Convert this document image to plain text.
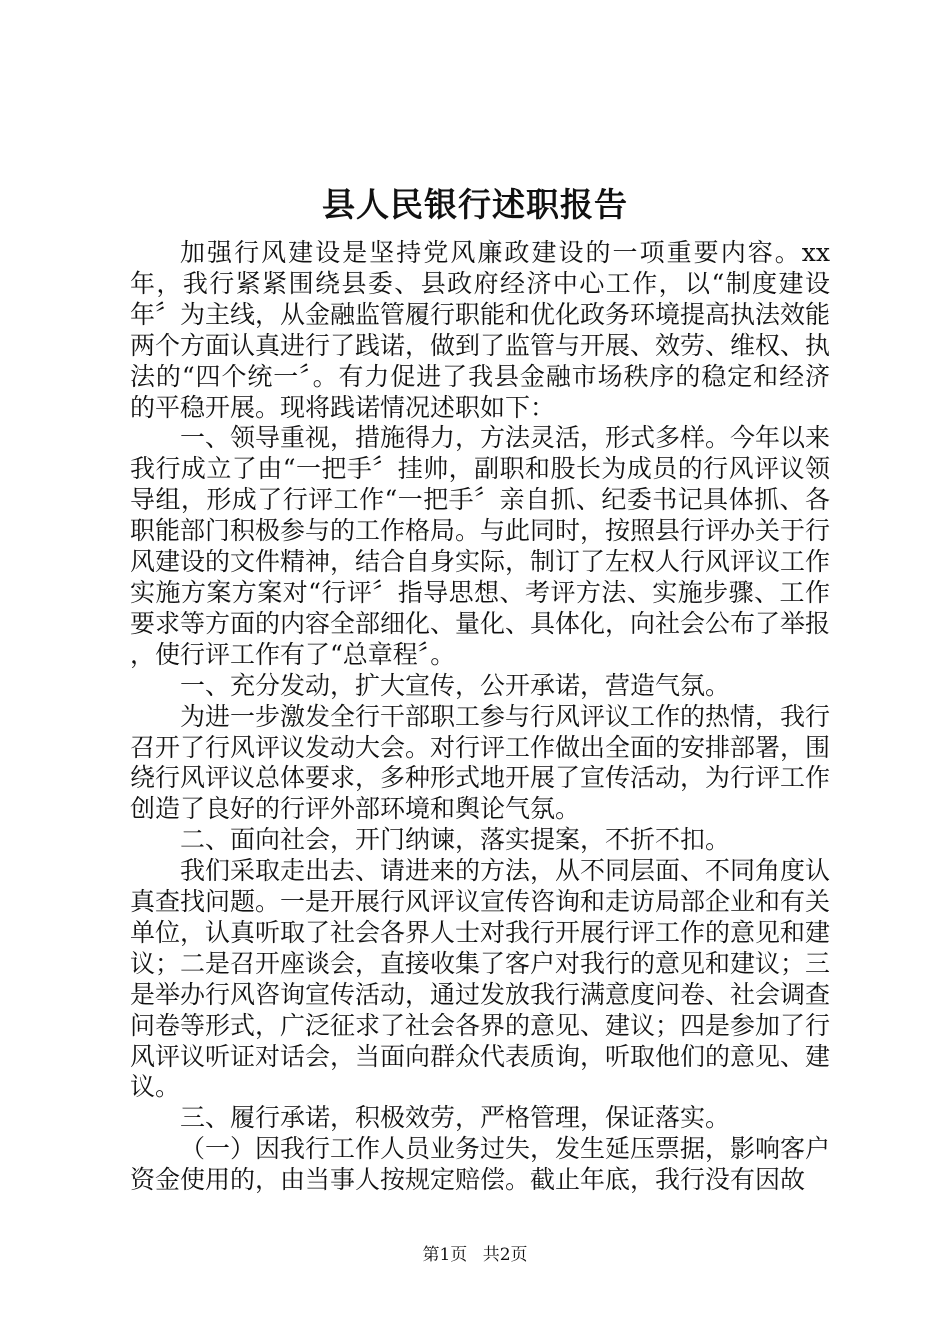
县人民银行述职报告

加强行风建设是坚持党风廉政建设的一项重要内容。xx年，我行紧紧围绕县委、县政府经济中心工作，以“制度建设年〞为主线，从金融监管履行职能和优化政务环境提高执法效能两个方面认真进行了践诺，做到了监管与开展、效劳、维权、执法的“四个统一〞。有力促进了我县金融市场秩序的稳定和经济的平稳开展。现将践诺情况述职如下：

一、领导重视，措施得力，方法灵活，形式多样。今年以来我行成立了由“一把手〞挂帅，副职和股长为成员的行风评议领导组，形成了行评工作“一把手〞亲自抓、纪委书记具体抓、各职能部门积极参与的工作格局。与此同时，按照县行评办关于行风建设的文件精神，结合自身实际，制订了左权人行风评议工作实施方案方案对“行评〞指导思想、考评方法、实施步骤、工作要求等方面的内容全部细化、量化、具体化，向社会公布了举报　　，使行评工作有了“总章程〞。

一、充分发动，扩大宣传，公开承诺，营造气氛。

为进一步激发全行干部职工参与行风评议工作的热情，我行召开了行风评议发动大会。对行评工作做出全面的安排部署，围绕行风评议总体要求，多种形式地开展了宣传活动，为行评工作创造了良好的行评外部环境和舆论气氛。

二、面向社会，开门纳谏，落实提案，不折不扣。

我们采取走出去、请进来的方法，从不同层面、不同角度认真查找问题。一是开展行风评议宣传咨询和走访局部企业和有关单位，认真听取了社会各界人士对我行开展行评工作的意见和建议；二是召开座谈会，直接收集了客户对我行的意见和建议；三是举办行风咨询宣传活动，通过发放我行满意度问卷、社会调查问卷等形式，广泛征求了社会各界的意见、建议；四是参加了行风评议听证对话会，当面向群众代表质询，听取他们的意见、建议。

三、履行承诺，积极效劳，严格管理，保证落实。

（一）因我行工作人员业务过失，发生延压票据，影响客户资金使用的，由当事人按规定赔偿。截止年底，我行没有因故

第1页 共2页
